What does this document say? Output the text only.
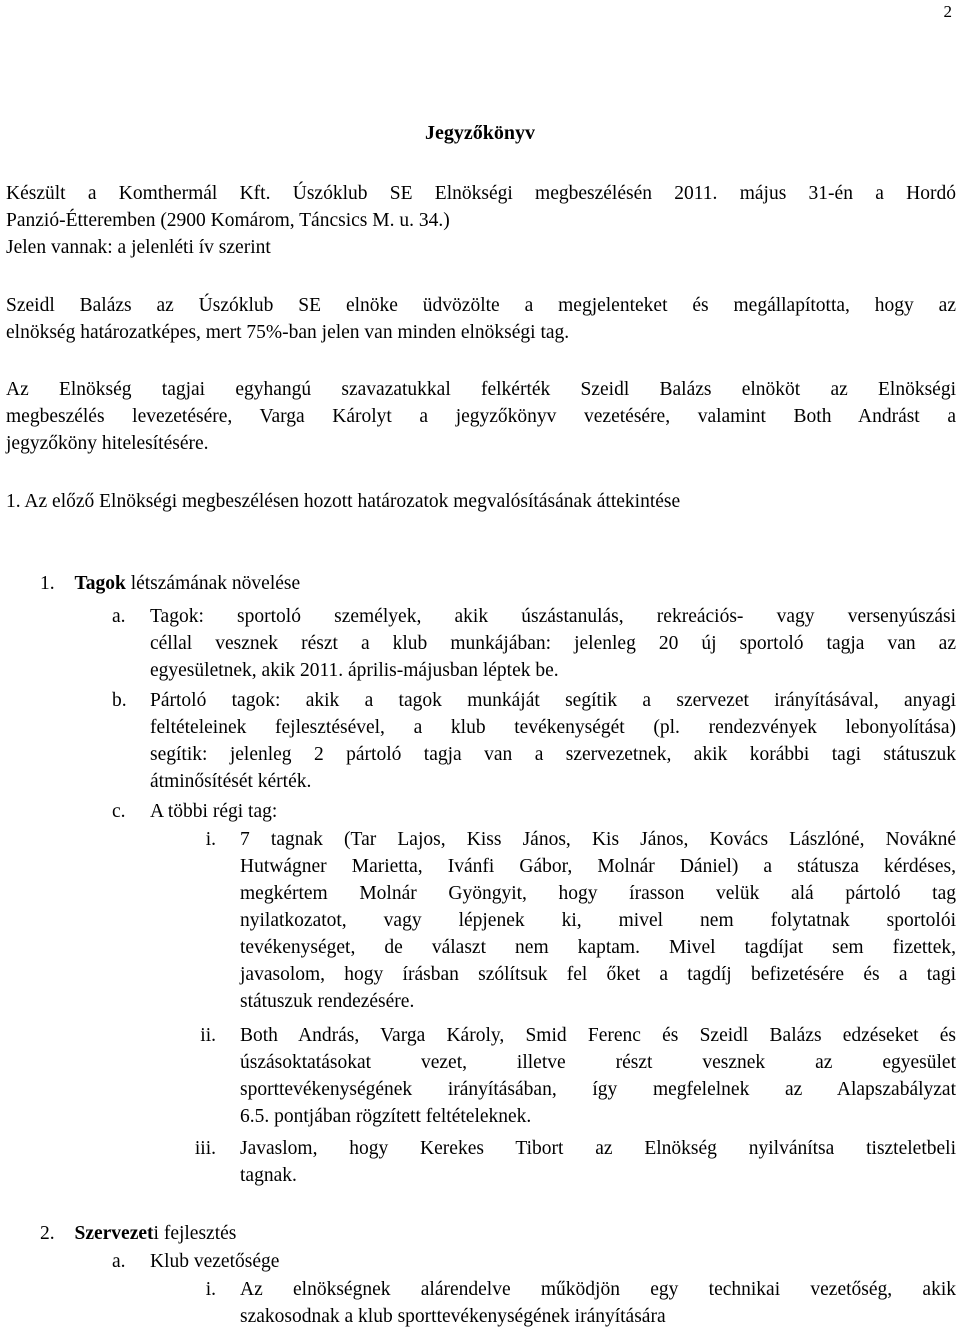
2
Jegyzőkönyv
Készült a Komthermál Kft. Úszóklub SE Elnökségi megbeszélésén 2011. május 31-én a Hordó
Panzió-Étteremben (2900 Komárom, Táncsics M. u. 34.)
Jelen vannak: a jelenléti ív szerint
Szeidl Balázs az Úszóklub SE elnöke üdvözölte a megjelenteket és megállapította, hogy az
elnökség határozatképes, mert 75%-ban jelen van minden elnökségi tag.
Az Elnökség tagjai egyhangú szavazatukkal felkérték Szeidl Balázs elnököt az Elnökségi
megbeszélés levezetésére, Varga Károlyt a jegyzőkönyv vezetésére, valamint Both Andrást a
jegyzőköny hitelesítésére.
1. Az előző Elnökségi megbeszélésen hozott határozatok megvalósításának áttekintése
1. Tagok létszámának növelése
a. Tagok: sportoló személyek, akik úszástanulás, rekreációs- vagy versenyúszási
céllal vesznek részt a klub munkájában: jelenleg 20 új sportoló tagja van az
egyesületnek, akik 2011. április-májusban léptek be.
b. Pártoló tagok: akik a tagok munkáját segítik a szervezet irányításával, anyagi
feltételeinek fejlesztésével, a klub tevékenységét (pl. rendezvények lebonyolítása)
segítik: jelenleg 2 pártoló tagja van a szervezetnek, akik korábbi tagi státuszuk
átminősítését kérték.
c. A többi régi tag:
i. 7 tagnak (Tar Lajos, Kiss János, Kis János, Kovács Lászlóné, Novákné
Hutwágner Marietta, Ivánfi Gábor, Molnár Dániel) a státusza kérdéses,
megkértem Molnár Gyöngyit, hogy írasson velük alá pártoló tag
nyilatkozatot, vagy lépjenek ki, mivel nem folytatnak sportolói
tevékenységet, de választ nem kaptam. Mivel tagdíjat sem fizettek,
javasolom, hogy írásban szólítsuk fel őket a tagdíj befizetésére és a tagi
státuszuk rendezésére.
ii. Both András, Varga Károly, Smid Ferenc és Szeidl Balázs edzéseket és
úszásoktatásokat vezet, illetve részt vesznek az egyesület
sporttevékenységének irányításában, így megfelelnek az Alapszabályzat
6.5. pontjában rögzített feltételeknek.
iii. Javaslom, hogy Kerekes Tibort az Elnökség nyilvánítsa tiszteletbeli
tagnak.
2. Szervezeti fejlesztés
a. Klub vezetősége
i. Az elnökségnek alárendelve működjön egy technikai vezetőség, akik
szakosodnak a klub sporttevékenységének irányítására
